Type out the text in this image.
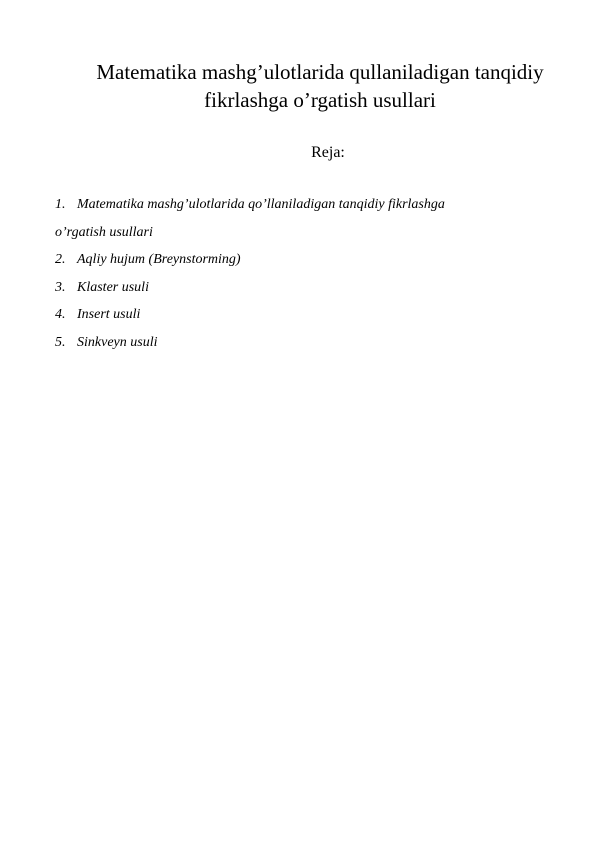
Matematika mashg’ulotlarida qullaniladigan tanqidiy
fikrlashga o’rgatish usullari

Reja:

1. Matematika mashg’ulotlarida qo’llaniladigan tanqidiy fikrlashga
o’rgatish usullari
2. Aqliy hujum (Breynstorming)
3. Klaster usuli
4. Insert usuli
5. Sinkveyn usuli
